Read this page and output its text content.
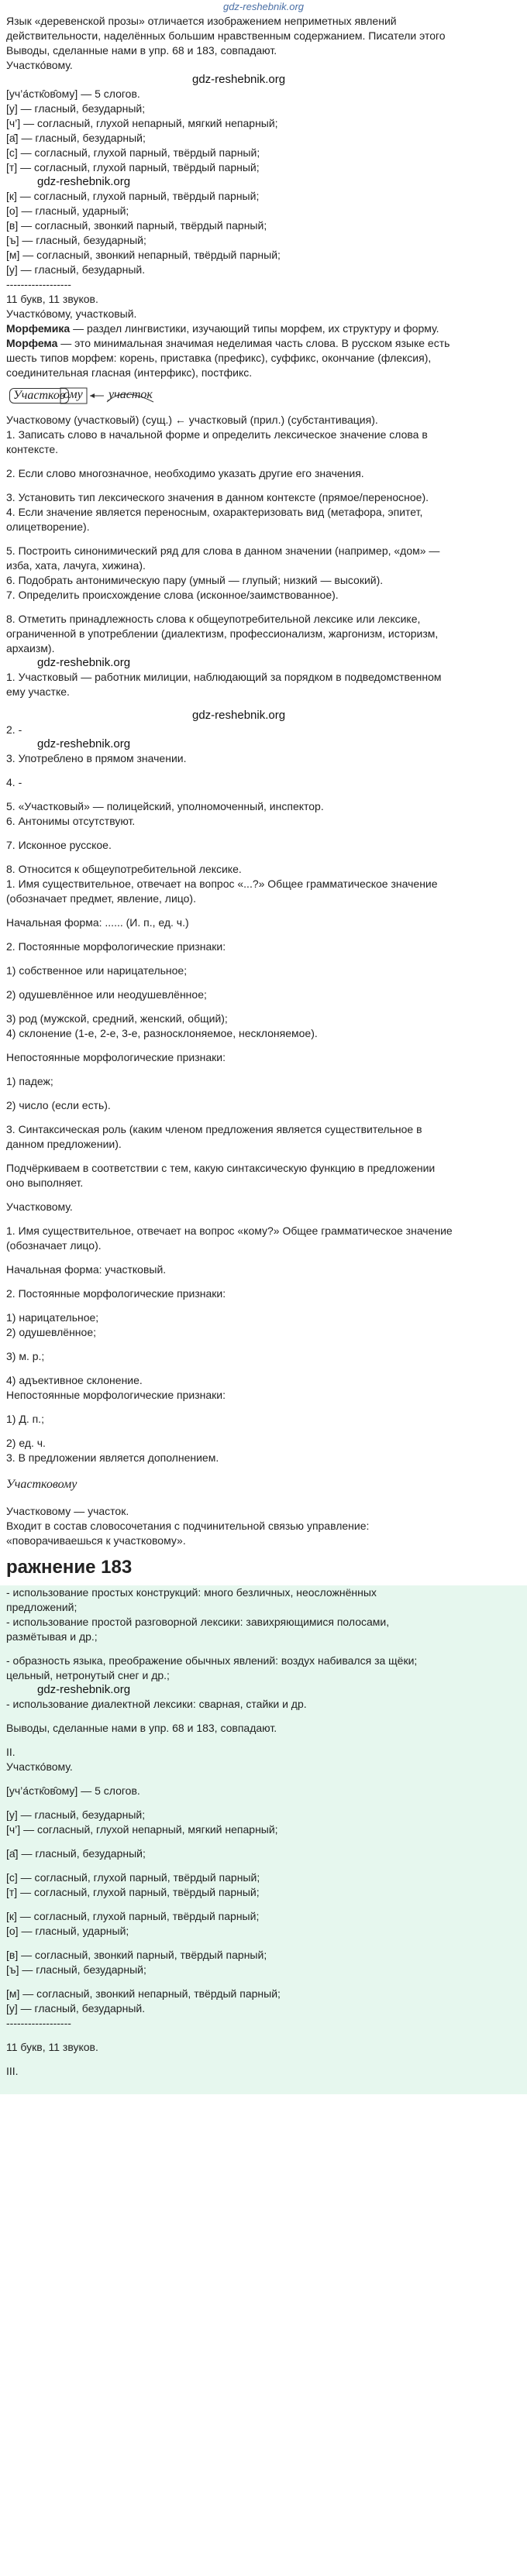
gdz-reshebnik.org

Язык «деревенской прозы» отличается изображением неприметных явлений

действительности, наделённых большим нравственным содержанием. Писатели этого

Выводы, сделанные нами в упр. 68 и 183, совпадают.

Участко́вому.

gdz-reshebnik.org

[уч’а́стк̑ов̑ому] — 5 слогов.

[у] — гласный, безударный;

[ч’] — согласный, глухой непарный, мягкий непарный;

[а̂] — гласный, безударный;

[с] — согласный, глухой парный, твёрдый парный;

[т] — согласный, глухой парный, твёрдый парный;

gdz-reshebnik.org

[к] — согласный, глухой парный, твёрдый парный;

[о] — гласный, ударный;

[в] — согласный, звонкий парный, твёрдый парный;

[ъ] — гласный, безударный;

[м] — согласный, звонкий непарный, твёрдый парный;

[у] — гласный, безударный.

------------------

11 букв, 11 звуков.

Участко́вому, участковый.

Морфемика — раздел лингвистики, изучающий типы морфем, их структуру и форму.

Морфема — это минимальная значимая неделимая часть слова. В русском языке есть

шесть типов морфем: корень, приставка (префикс), суффикс, окончание (флексия),

соединительная гласная (интерфикс), постфикс.

Участков
ому участок

Участковому (участковый) (сущ.) ← участковый (прил.) (субстантивация).

1. Записать слово в начальной форме и определить лексическое значение слова в

контексте.

2. Если слово многозначное, необходимо указать другие его значения.

3. Установить тип лексического значения в данном контексте (прямое/переносное).

4. Если значение является переносным, охарактеризовать вид (метафора, эпитет,

олицетворение).

5. Построить синонимический ряд для слова в данном значении (например, «дом» —

изба, хата, лачуга, хижина).

6. Подобрать антонимическую пару (умный — глупый; низкий — высокий).

7. Определить происхождение слова (исконное/заимствованное).

8. Отметить принадлежность слова к общеупотребительной лексике или лексике,

ограниченной в употреблении (диалектизм, профессионализм, жаргонизм, историзм,

архаизм).

gdz-reshebnik.org

1. Участковый — работник милиции, наблюдающий за порядком в подведомственном

ему участке.

gdz-reshebnik.org

2. -

gdz-reshebnik.org

3. Употреблено в прямом значении.

4. -

5. «Участковый» — полицейский, уполномоченный, инспектор.

6. Антонимы отсутствуют.

7. Исконное русское.

8. Относится к общеупотребительной лексике.

1. Имя существительное, отвечает на вопрос «...?» Общее грамматическое значение

(обозначает предмет, явление, лицо).

Начальная форма: ...... (И. п., ед. ч.)

2. Постоянные морфологические признаки:

1) собственное или нарицательное;

2) одушевлённое или неодушевлённое;

3) род (мужской, средний, женский, общий);

4) склонение (1-е, 2-е, 3-е, разносклоняемое, несклоняемое).

Непостоянные морфологические признаки:

1) падеж;

2) число (если есть).

3. Синтаксическая роль (каким членом предложения является существительное в

данном предложении).

Подчёркиваем в соответствии с тем, какую синтаксическую функцию в предложении

оно выполняет.

Участковому.

1. Имя существительное, отвечает на вопрос «кому?» Общее грамматическое значение

(обозначает лицо).

Начальная форма: участковый.

2. Постоянные морфологические признаки:

1) нарицательное;

2) одушевлённое;

3) м. р.;

4) адъективное склонение.

Непостоянные морфологические признаки:

1) Д. п.;

2) ед. ч.

3. В предложении является дополнением.

Участковому

Участковому — участок.

Входит в состав словосочетания с подчинительной связью управление:

«поворачиваешься к участковому».

ражнение 183

- использование простых конструкций: много безличных, неосложнённых

предложений;

- использование простой разговорной лексики: завихряющимися полосами,

размётывая и др.;

- образность языка, преображение обычных явлений: воздух набивался за щёки;

цельный, нетронутый снег и др.;

gdz-reshebnik.org

- использование диалектной лексики: сварная, стайки и др.

Выводы, сделанные нами в упр. 68 и 183, совпадают.

II.

Участко́вому.

[уч’а́стк̑ов̑ому] — 5 слогов.

[у] — гласный, безударный;

[ч’] — согласный, глухой непарный, мягкий непарный;

[а̂] — гласный, безударный;

[с] — согласный, глухой парный, твёрдый парный;

[т] — согласный, глухой парный, твёрдый парный;

[к] — согласный, глухой парный, твёрдый парный;

[о] — гласный, ударный;

[в] — согласный, звонкий парный, твёрдый парный;

[ъ] — гласный, безударный;

[м] — согласный, звонкий непарный, твёрдый парный;

[у] — гласный, безударный.

------------------

11 букв, 11 звуков.

III.
